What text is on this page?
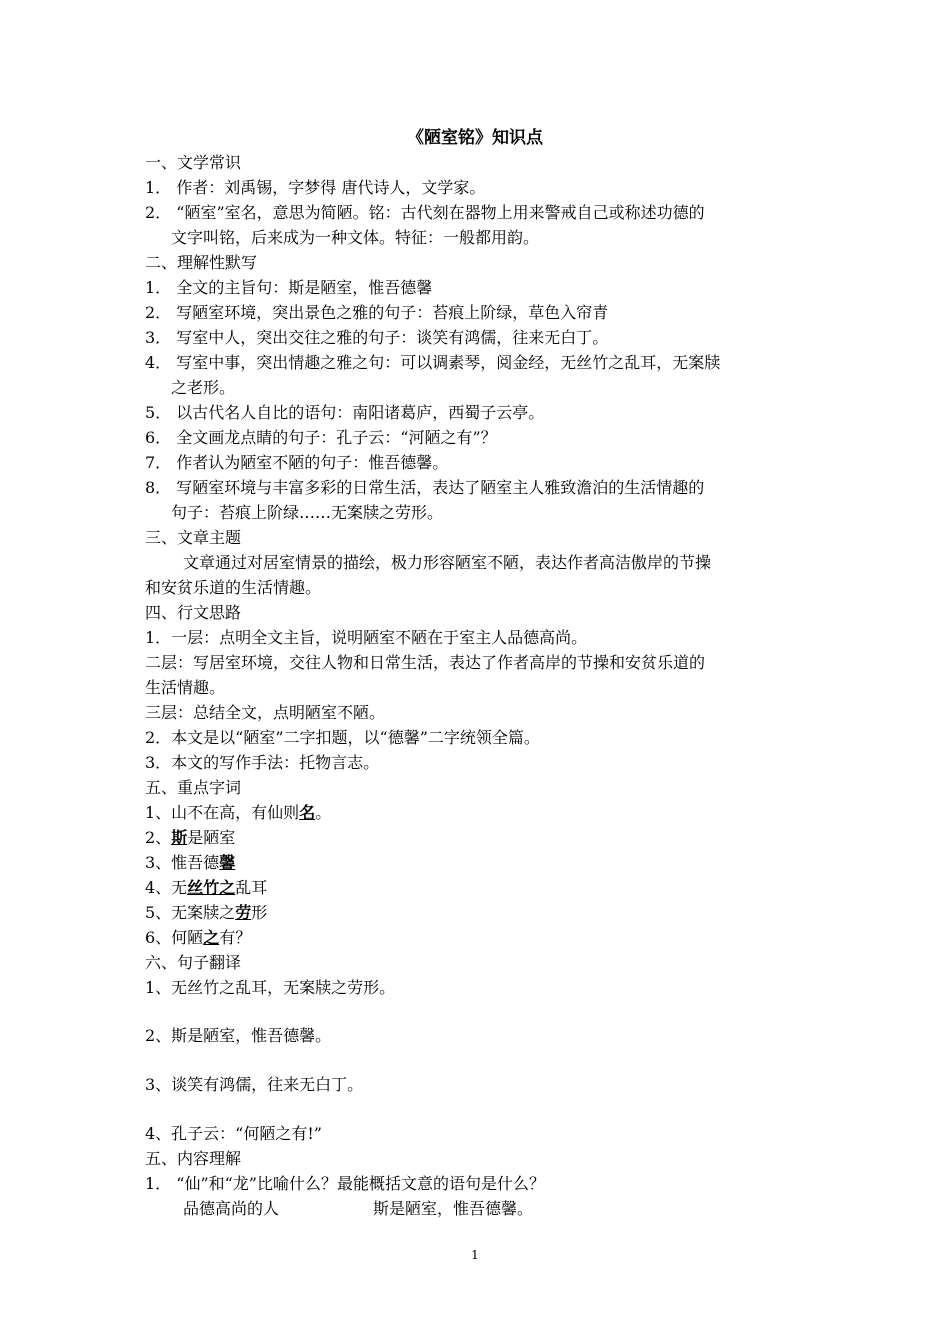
《陋室铭》知识点
一、文学常识
1． 作者：刘禹锡，字梦得 唐代诗人，文学家。
2． “陋室”室名，意思为简陋。铭：古代刻在器物上用来警戒自己或称述功德的
文字叫铭，后来成为一种文体。特征：一般都用韵。
二、理解性默写
1． 全文的主旨句：斯是陋室，惟吾德馨
2． 写陋室环境，突出景色之雅的句子：苔痕上阶绿，草色入帘青
3． 写室中人，突出交往之雅的句子：谈笑有鸿儒，往来无白丁。
4． 写室中事，突出情趣之雅之句：可以调素琴，阅金经，无丝竹之乱耳，无案牍
之老形。
5． 以古代名人自比的语句：南阳诸葛庐，西蜀子云亭。
6． 全文画龙点睛的句子：孔子云：“河陋之有”？
7． 作者认为陋室不陋的句子：惟吾德馨。
8． 写陋室环境与丰富多彩的日常生活，表达了陋室主人雅致澹泊的生活情趣的
句子：苔痕上阶绿……无案牍之劳形。
三、文章主题
文章通过对居室情景的描绘，极力形容陋室不陋，表达作者高洁傲岸的节操
和安贫乐道的生活情趣。
四、行文思路
1．一层：点明全文主旨，说明陋室不陋在于室主人品德高尚。
二层：写居室环境，交往人物和日常生活，表达了作者高岸的节操和安贫乐道的
生活情趣。
三层：总结全文，点明陋室不陋。
2．本文是以“陋室”二字扣题，以“德馨”二字统领全篇。
3．本文的写作手法：托物言志。
五、重点字词
1、山不在高，有仙则名。
2、斯是陋室
3、惟吾德馨
4、无丝竹之乱耳
5、无案牍之劳形
6、何陋之有？
六、句子翻译
1、无丝竹之乱耳，无案牍之劳形。
2、斯是陋室，惟吾德馨。
3、谈笑有鸿儒，往来无白丁。
4、孔子云：“何陋之有!”
五、内容理解
1． “仙”和“龙”比喻什么？最能概括文意的语句是什么？
品德高尚的人	斯是陋室，惟吾德馨。
1
